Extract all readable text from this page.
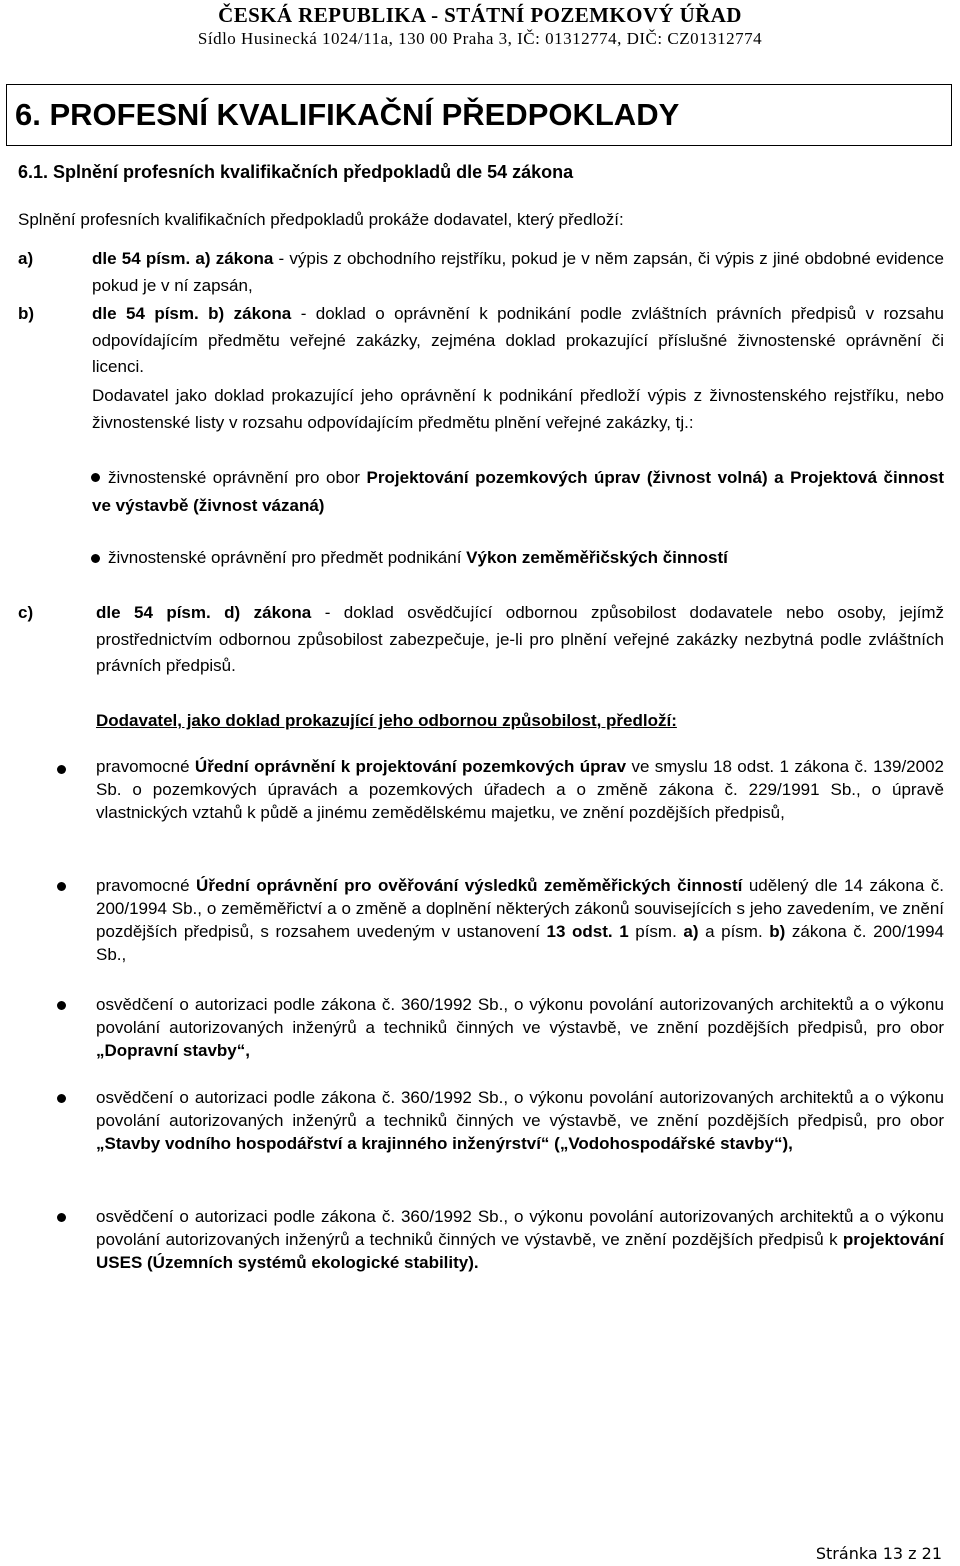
ČESKÁ REPUBLIKA - STÁTNÍ POZEMKOVÝ ÚŘAD
Sídlo Husinecká 1024/11a, 130 00 Praha 3, IČ: 01312774, DIČ: CZ01312774
6. PROFESNÍ KVALIFIKAČNÍ PŘEDPOKLADY
6.1. Splnění profesních kvalifikačních předpokladů dle 54 zákona
Splnění profesních kvalifikačních předpokladů prokáže dodavatel, který předloží:
a)	dle 54 písm. a) zákona - výpis z obchodního rejstříku, pokud je v něm zapsán, či výpis z jiné obdobné evidence pokud je v ní zapsán,
b)	dle 54 písm. b) zákona - doklad o oprávnění k podnikání podle zvláštních právních předpisů v rozsahu odpovídajícím předmětu veřejné zakázky, zejména doklad prokazující příslušné živnostenské oprávnění či licenci.
Dodavatel jako doklad prokazující jeho oprávnění k podnikání předloží výpis z živnostenského rejstříku, nebo živnostenské listy v rozsahu odpovídajícím předmětu plnění veřejné zakázky, tj.:
živnostenské oprávnění pro obor Projektování pozemkových úprav (živnost volná) a Projektová činnost ve výstavbě (živnost vázaná)
živnostenské oprávnění pro předmět podnikání Výkon zeměměřičských činností
c)	dle 54 písm. d) zákona - doklad osvědčující odbornou způsobilost dodavatele nebo osoby, jejímž prostřednictvím odbornou způsobilost zabezpečuje, je-li pro plnění veřejné zakázky nezbytná podle zvláštních právních předpisů.
Dodavatel, jako doklad prokazující jeho odbornou způsobilost, předloží:
pravomocné Úřední oprávnění k projektování pozemkových úprav ve smyslu 18 odst. 1 zákona č. 139/2002 Sb. o pozemkových úpravách a pozemkových úřadech a o změně zákona č. 229/1991 Sb., o úpravě vlastnických vztahů k půdě a jinému zemědělskému majetku, ve znění pozdějších předpisů,
pravomocné Úřední oprávnění pro ověřování výsledků zeměměřických činností udělený dle 14 zákona č. 200/1994 Sb., o zeměměřictví a o změně a doplnění některých zákonů souvisejících s jeho zavedením, ve znění pozdějších předpisů, s rozsahem uvedeným v ustanovení 13 odst. 1 písm. a) a písm. b) zákona č. 200/1994 Sb.,
osvědčení o autorizaci podle zákona č. 360/1992 Sb., o výkonu povolání autorizovaných architektů a o výkonu povolání autorizovaných inženýrů a techniků činných ve výstavbě, ve znění pozdějších předpisů, pro obor „Dopravní stavby“,
osvědčení o autorizaci podle zákona č. 360/1992 Sb., o výkonu povolání autorizovaných architektů a o výkonu povolání autorizovaných inženýrů a techniků činných ve výstavbě, ve znění pozdějších předpisů, pro obor „Stavby vodního hospodářství a krajinného inženýrství“ („Vodohospodářské stavby“),
osvědčení o autorizaci podle zákona č. 360/1992 Sb., o výkonu povolání autorizovaných architektů a o výkonu povolání autorizovaných inženýrů a techniků činných ve výstavbě, ve znění pozdějších předpisů k projektování USES (Územních systémů ekologické stability).
Stránka 13 z 21
